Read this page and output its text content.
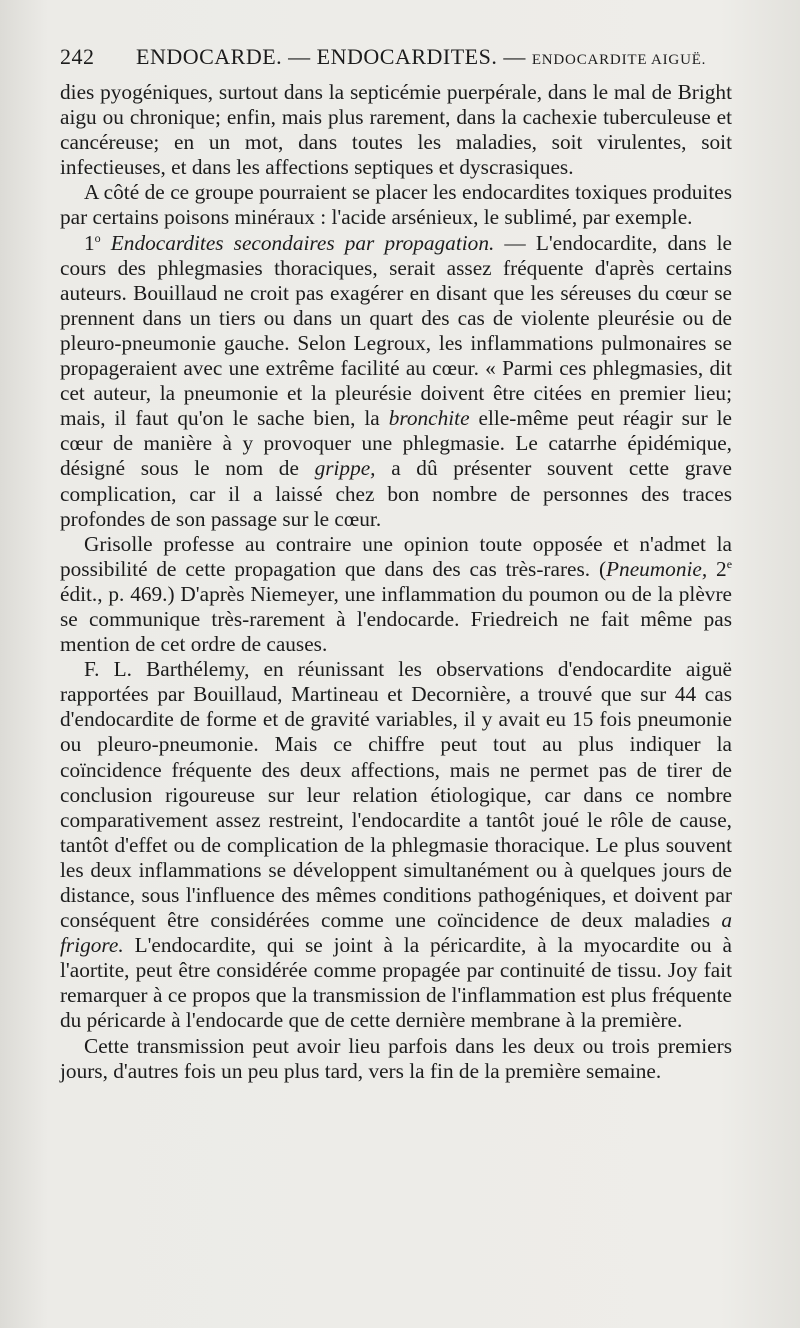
242 ENDOCARDE. — ENDOCARDITES. — ENDOCARDITE AIGUË.

dies pyogéniques, surtout dans la septicémie puerpérale, dans le mal de Bright aigu ou chronique; enfin, mais plus rarement, dans la cachexie tuberculeuse et cancéreuse; en un mot, dans toutes les maladies, soit virulentes, soit infectieuses, et dans les affections septiques et dyscrasiques.

A côté de ce groupe pourraient se placer les endocardites toxiques produites par certains poisons minéraux : l'acide arsénieux, le sublimé, par exemple.

1$^o$ Endocardites secondaires par propagation. — L'endocardite, dans le cours des phlegmasies thoraciques, serait assez fréquente d'après certains auteurs. Bouillaud ne croit pas exagérer en disant que les séreuses du cœur se prennent dans un tiers ou dans un quart des cas de violente pleurésie ou de pleuro-pneumonie gauche. Selon Legroux, les inflammations pulmonaires se propageraient avec une extrême facilité au cœur. « Parmi ces phlegmasies, dit cet auteur, la pneumonie et la pleurésie doivent être citées en premier lieu; mais, il faut qu'on le sache bien, la bronchite elle-même peut réagir sur le cœur de manière à y provoquer une phlegmasie. Le catarrhe épidémique, désigné sous le nom de grippe, a dû présenter souvent cette grave complication, car il a laissé chez bon nombre de personnes des traces profondes de son passage sur le cœur.

Grisolle professe au contraire une opinion toute opposée et n'admet la possibilité de cette propagation que dans des cas très-rares. (Pneumonie, 2e édit., p. 469.) D'après Niemeyer, une inflammation du poumon ou de la plèvre se communique très-rarement à l'endocarde. Friedreich ne fait même pas mention de cet ordre de causes.

F. L. Barthélemy, en réunissant les observations d'endocardite aiguë rapportées par Bouillaud, Martineau et Decornière, a trouvé que sur 44 cas d'endocardite de forme et de gravité variables, il y avait eu 15 fois pneumonie ou pleuro-pneumonie. Mais ce chiffre peut tout au plus indiquer la coïncidence fréquente des deux affections, mais ne permet pas de tirer de conclusion rigoureuse sur leur relation étiologique, car dans ce nombre comparativement assez restreint, l'endocardite a tantôt joué le rôle de cause, tantôt d'effet ou de complication de la phlegmasie thoracique. Le plus souvent les deux inflammations se développent simultanément ou à quelques jours de distance, sous l'influence des mêmes conditions pathogéniques, et doivent par conséquent être considérées comme une coïncidence de deux maladies a frigore. L'endocardite, qui se joint à la péricardite, à la myocardite ou à l'aortite, peut être considérée comme propagée par continuité de tissu. Joy fait remarquer à ce propos que la transmission de l'inflammation est plus fréquente du péricarde à l'endocarde que de cette dernière membrane à la première.

Cette transmission peut avoir lieu parfois dans les deux ou trois premiers jours, d'autres fois un peu plus tard, vers la fin de la première semaine.
